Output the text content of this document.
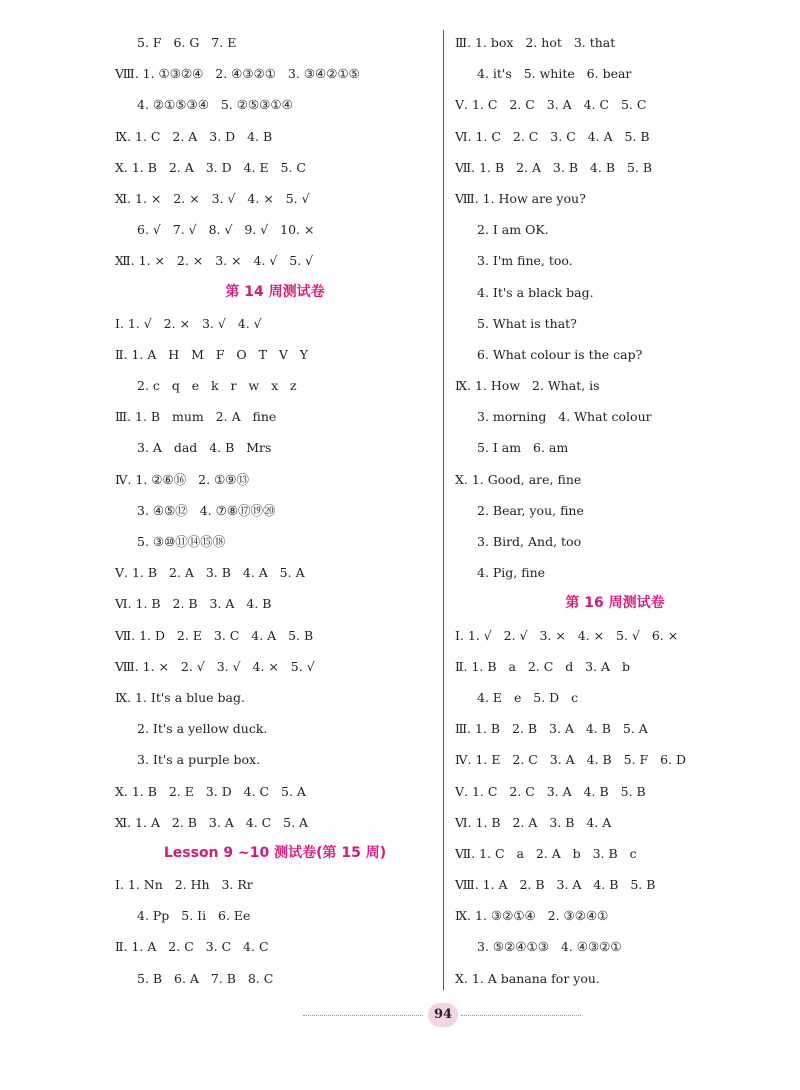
5. F   6. G   7. E
Ⅷ. 1. ①③②④   2. ④③②①   3. ③④②①⑤
4. ②①⑤③④   5. ②⑤③①④
Ⅸ. 1. C   2. A   3. D   4. B
Ⅹ. 1. B   2. A   3. D   4. E   5. C
Ⅺ. 1. ×   2. ×   3. √   4. ×   5. √
6. √   7. √   8. √   9. √   10. ×
Ⅻ. 1. ×   2. ×   3. ×   4. √   5. √
第 14 周测试卷
Ⅰ. 1. √   2. ×   3. √   4. √
Ⅱ. 1. A   H   M   F   O   T   V   Y
2. c   q   e   k   r   w   x   z
Ⅲ. 1. B   mum   2. A   fine
3. A   dad   4. B   Mrs
Ⅳ. 1. ②⑥⑯   2. ①⑨⑬
3. ④⑤⑫   4. ⑦⑧⑰⑲⑳
5. ③⑩⑪⑭⑮⑱
Ⅴ. 1. B   2. A   3. B   4. A   5. A
Ⅵ. 1. B   2. B   3. A   4. B
Ⅶ. 1. D   2. E   3. C   4. A   5. B
Ⅷ. 1. ×   2. √   3. √   4. ×   5. √
Ⅸ. 1. It's a blue bag.
2. It's a yellow duck.
3. It's a purple box.
Ⅹ. 1. B   2. E   3. D   4. C   5. A
Ⅺ. 1. A   2. B   3. A   4. C   5. A
Lesson 9 ~10 测试卷(第 15 周)
Ⅰ. 1. Nn   2. Hh   3. Rr
4. Pp   5. Ii   6. Ee
Ⅱ. 1. A   2. C   3. C   4. C
5. B   6. A   7. B   8. C
Ⅲ. 1. box   2. hot   3. that
4. it's   5. white   6. bear
Ⅴ. 1. C   2. C   3. A   4. C   5. C
Ⅵ. 1. C   2. C   3. C   4. A   5. B
Ⅶ. 1. B   2. A   3. B   4. B   5. B
Ⅷ. 1. How are you?
2. I am OK.
3. I'm fine, too.
4. It's a black bag.
5. What is that?
6. What colour is the cap?
Ⅸ. 1. How   2. What, is
3. morning   4. What colour
5. I am   6. am
Ⅹ. 1. Good, are, fine
2. Bear, you, fine
3. Bird, And, too
4. Pig, fine
第 16 周测试卷
Ⅰ. 1. √   2. √   3. ×   4. ×   5. √   6. ×
Ⅱ. 1. B   a   2. C   d   3. A   b
4. E   e   5. D   c
Ⅲ. 1. B   2. B   3. A   4. B   5. A
Ⅳ. 1. E   2. C   3. A   4. B   5. F   6. D
Ⅴ. 1. C   2. C   3. A   4. B   5. B
Ⅵ. 1. B   2. A   3. B   4. A
Ⅶ. 1. C   a   2. A   b   3. B   c
Ⅷ. 1. A   2. B   3. A   4. B   5. B
Ⅸ. 1. ③②①④   2. ③②④①
3. ⑤②④①③   4. ④③②①
Ⅹ. 1. A banana for you.
94
